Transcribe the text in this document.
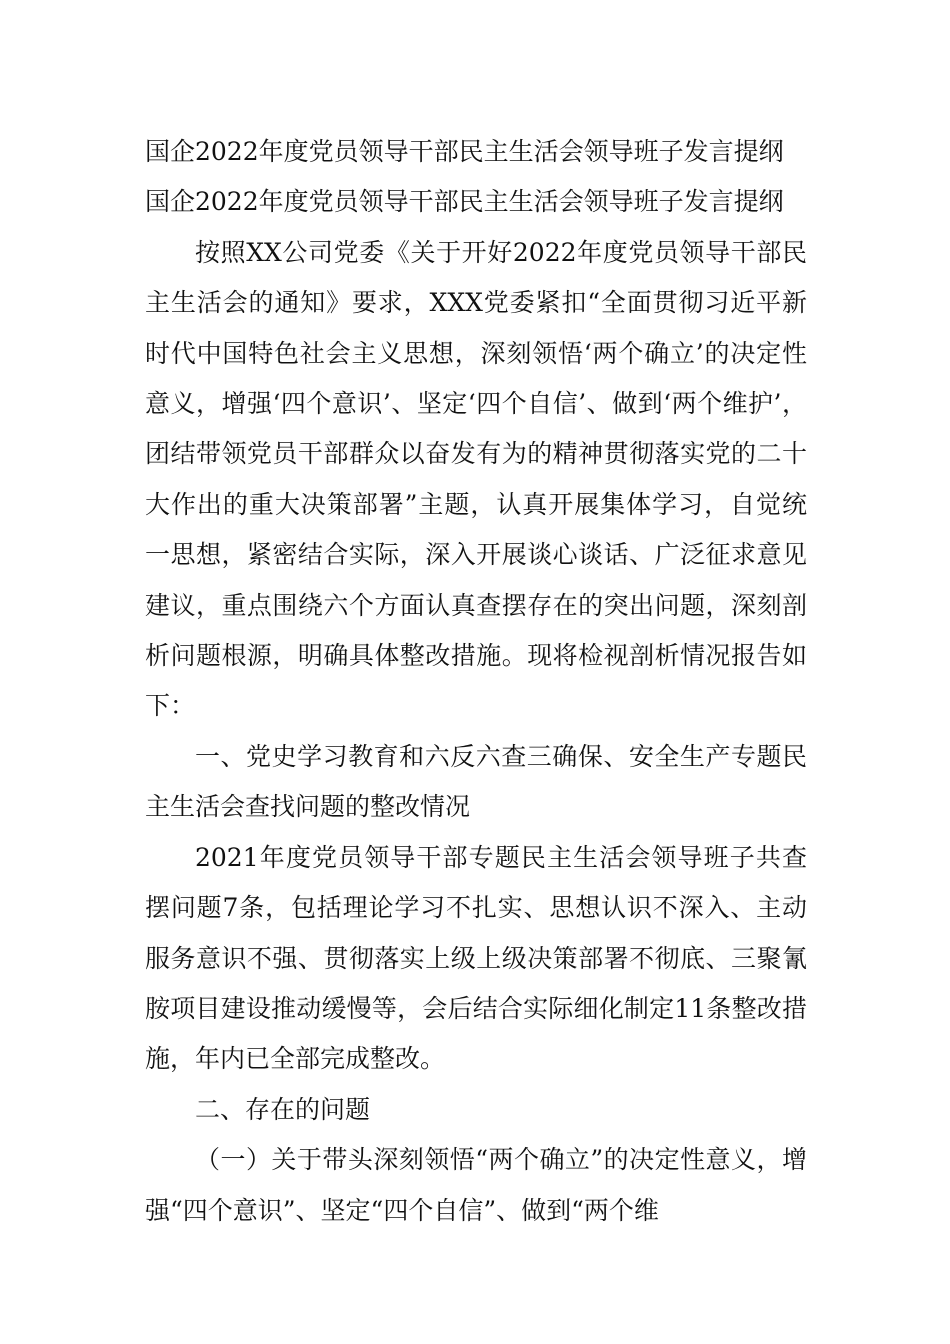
国企2022年度党员领导干部民主生活会领导班子发言提纲

国企2022年度党员领导干部民主生活会领导班子发言提纲

按照XX公司党委《关于开好2022年度党员领导干部民主生活会的通知》要求，XXX党委紧扣“全面贯彻习近平新时代中国特色社会主义思想，深刻领悟‘两个确立’的决定性意义，增强‘四个意识’、坚定‘四个自信’、做到‘两个维护’，团结带领党员干部群众以奋发有为的精神贯彻落实党的二十大作出的重大决策部署”主题，认真开展集体学习，自觉统一思想，紧密结合实际，深入开展谈心谈话、广泛征求意见建议，重点围绕六个方面认真查摆存在的突出问题，深刻剖析问题根源，明确具体整改措施。现将检视剖析情况报告如下：

一、党史学习教育和六反六查三确保、安全生产专题民主生活会查找问题的整改情况

2021年度党员领导干部专题民主生活会领导班子共查摆问题7条，包括理论学习不扎实、思想认识不深入、主动服务意识不强、贯彻落实上级上级决策部署不彻底、三聚氰胺项目建设推动缓慢等，会后结合实际细化制定11条整改措施，年内已全部完成整改。

二、存在的问题

（一）关于带头深刻领悟“两个确立”的决定性意义，增强“四个意识”、坚定“四个自信”、做到“两个维
